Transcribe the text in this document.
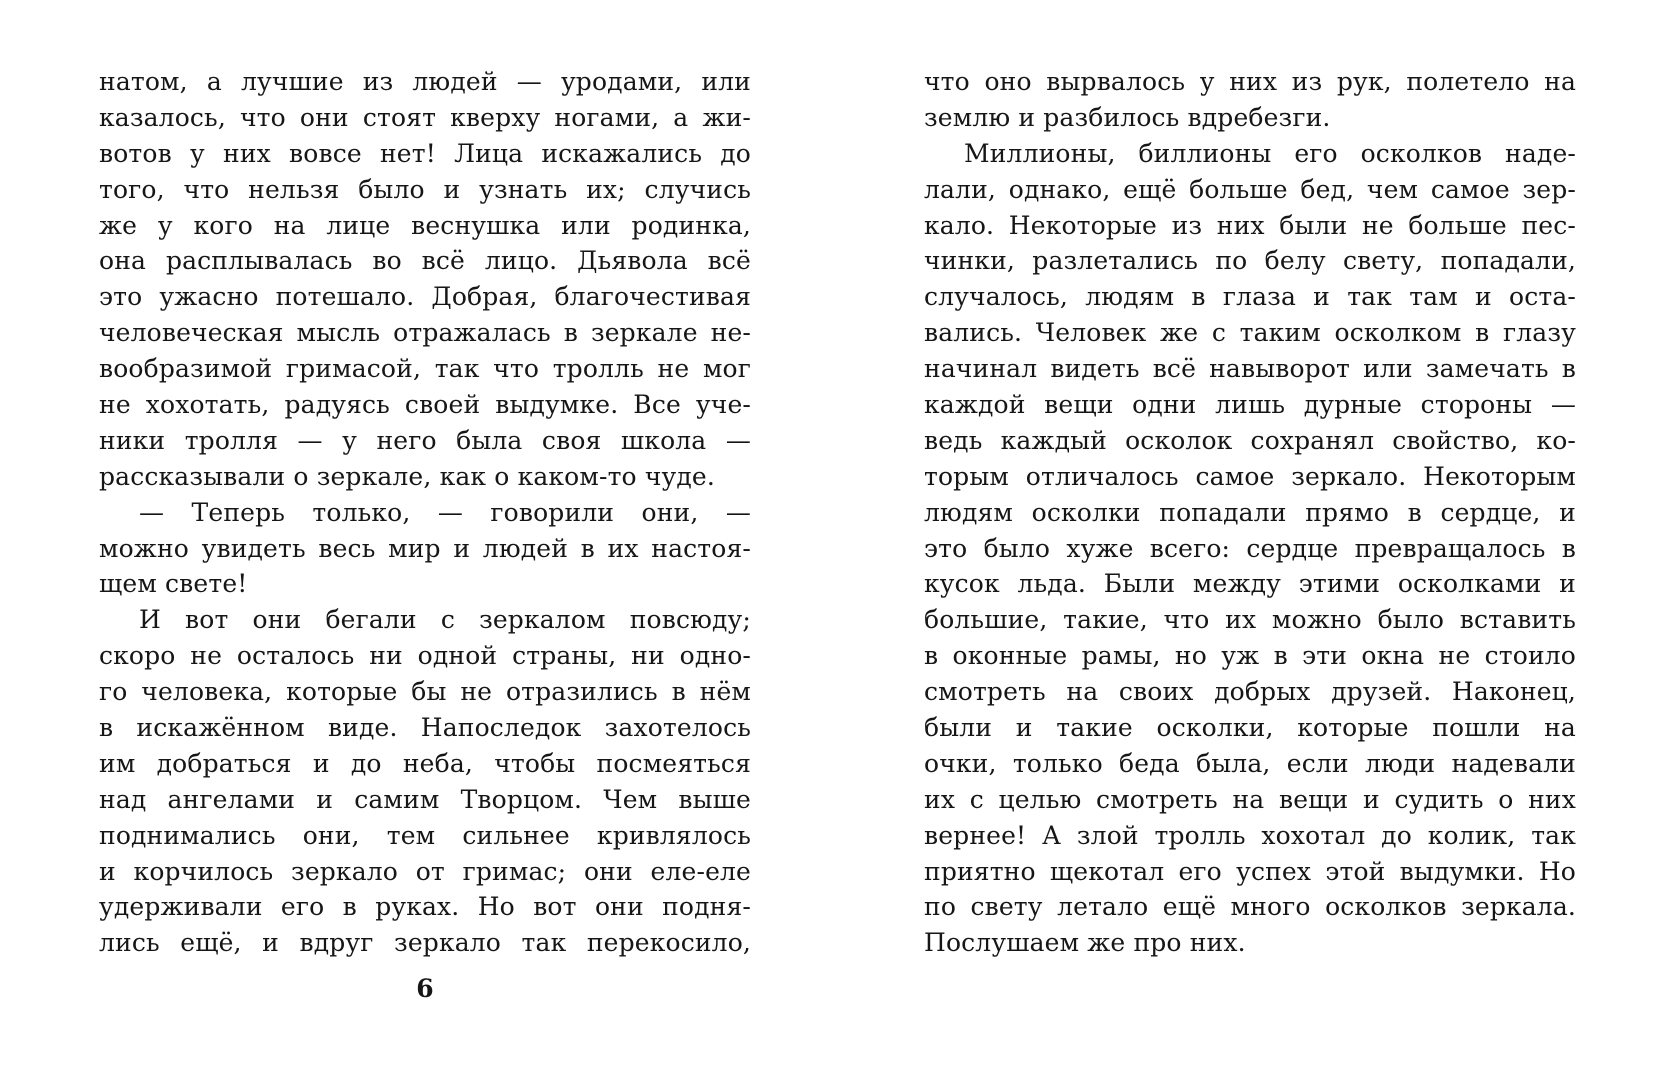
натом, а лучшие из людей — уродами, или
казалось, что они стоят кверху ногами, а жи-
вотов у них вовсе нет! Лица искажались до
того, что нельзя было и узнать их; случись
же у кого на лице веснушка или родинка,
она расплывалась во всё лицо. Дьявола всё
это ужасно потешало. Добрая, благочестивая
человеческая мысль отражалась в зеркале не-
вообразимой гримасой, так что тролль не мог
не хохотать, радуясь своей выдумке. Все уче-
ники тролля — у него была своя школа —
рассказывали о зеркале, как о каком-то чуде.
— Теперь только, — говорили они, —
можно увидеть весь мир и людей в их настоя-
щем свете!
И вот они бегали с зеркалом повсюду;
скоро не осталось ни одной страны, ни одно-
го человека, которые бы не отразились в нём
в искажённом виде. Напоследок захотелось
им добраться и до неба, чтобы посмеяться
над ангелами и самим Творцом. Чем выше
поднимались они, тем сильнее кривлялось
и корчилось зеркало от гримас; они еле-еле
удерживали его в руках. Но вот они подня-
лись ещё, и вдруг зеркало так перекосило,
6
что оно вырвалось у них из рук, полетело на
землю и разбилось вдребезги.
Миллионы, биллионы его осколков наде-
лали, однако, ещё больше бед, чем самое зер-
кало. Некоторые из них были не больше пес-
чинки, разлетались по белу свету, попадали,
случалось, людям в глаза и так там и оста-
вались. Человек же с таким осколком в глазу
начинал видеть всё навыворот или замечать в
каждой вещи одни лишь дурные стороны —
ведь каждый осколок сохранял свойство, ко-
торым отличалось самое зеркало. Некоторым
людям осколки попадали прямо в сердце, и
это было хуже всего: сердце превращалось в
кусок льда. Были между этими осколками и
большие, такие, что их можно было вставить
в оконные рамы, но уж в эти окна не стоило
смотреть на своих добрых друзей. Наконец,
были и такие осколки, которые пошли на
очки, только беда была, если люди надевали
их с целью смотреть на вещи и судить о них
вернее! А злой тролль хохотал до колик, так
приятно щекотал его успех этой выдумки. Но
по свету летало ещё много осколков зеркала.
Послушаем же про них.
